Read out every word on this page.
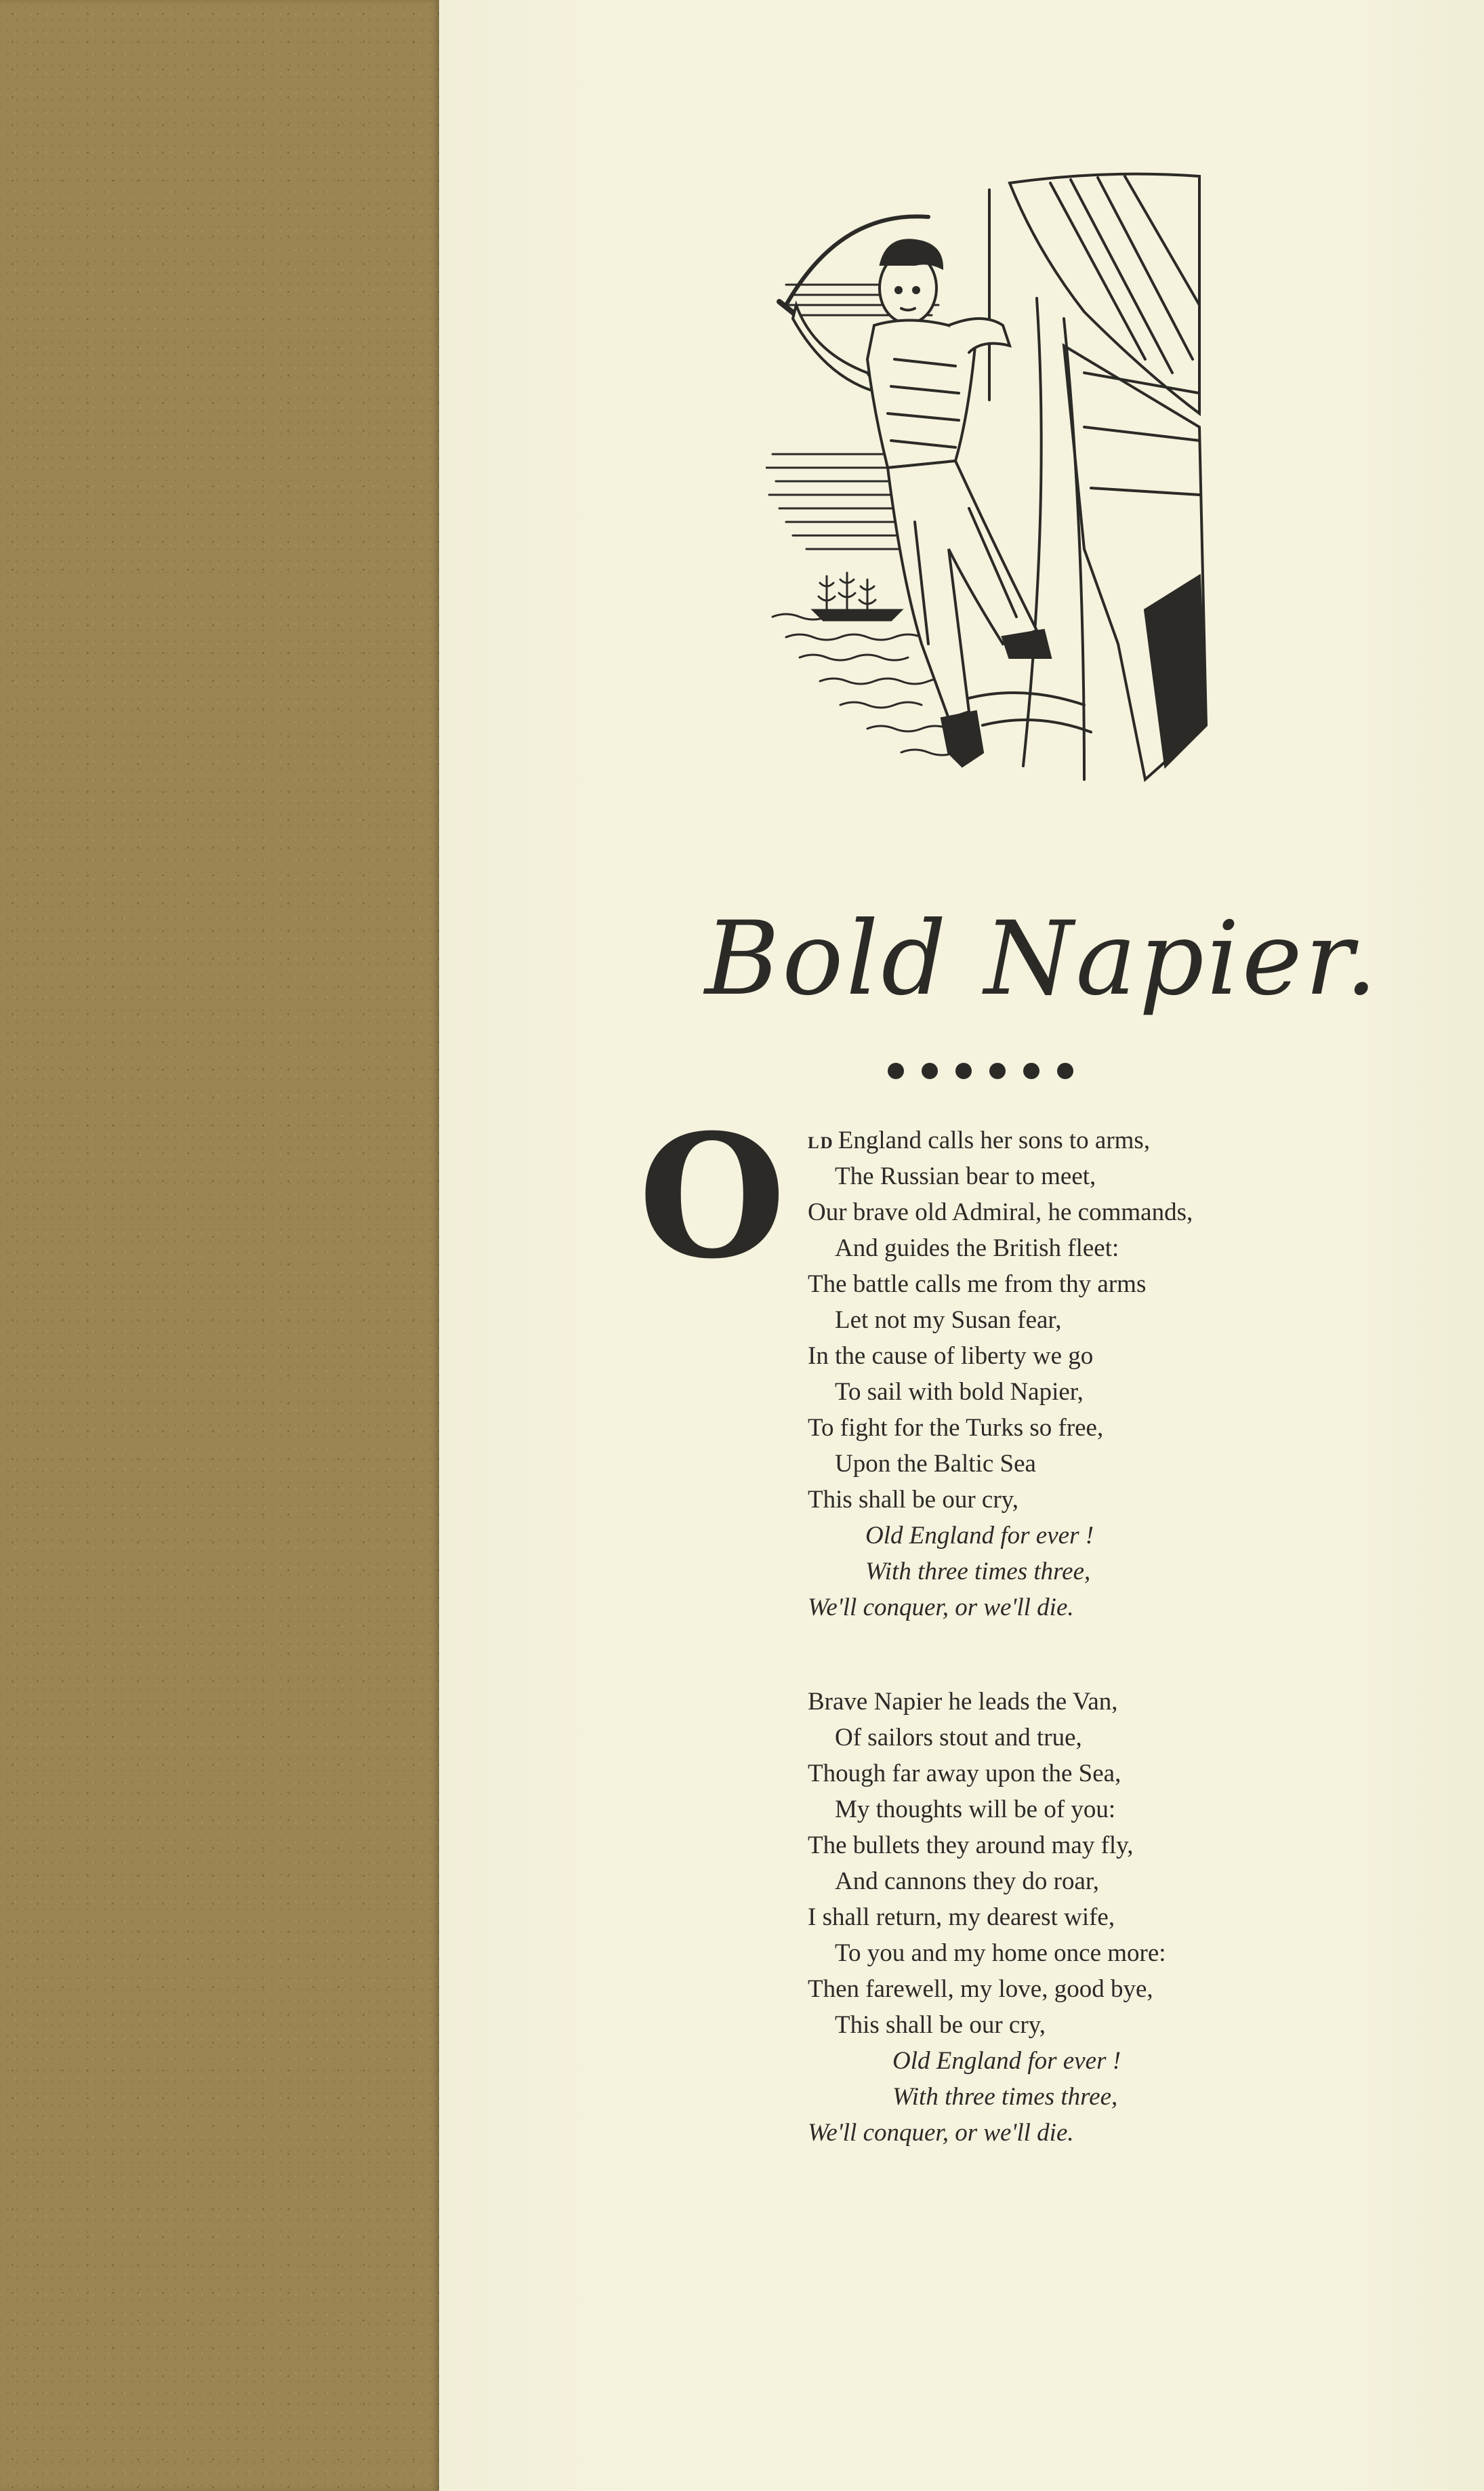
Bold Napier.
O LD England calls her sons to arms,
The Russian bear to meet,
Our brave old Admiral, he commands,
And guides the British fleet:
The battle calls me from thy arms
Let not my Susan fear,
In the cause of liberty we go
To sail with bold Napier,
To fight for the Turks so free,
Upon the Baltic Sea
This shall be our cry,
Old England for ever !
With three times three,
We'll conquer, or we'll die.
Brave Napier he leads the Van,
Of sailors stout and true,
Though far away upon the Sea,
My thoughts will be of you:
The bullets they around may fly,
And cannons they do roar,
I shall return, my dearest wife,
To you and my home once more:
Then farewell, my love, good bye,
This shall be our cry,
Old England for ever !
With three times three,
We'll conquer, or we'll die.
